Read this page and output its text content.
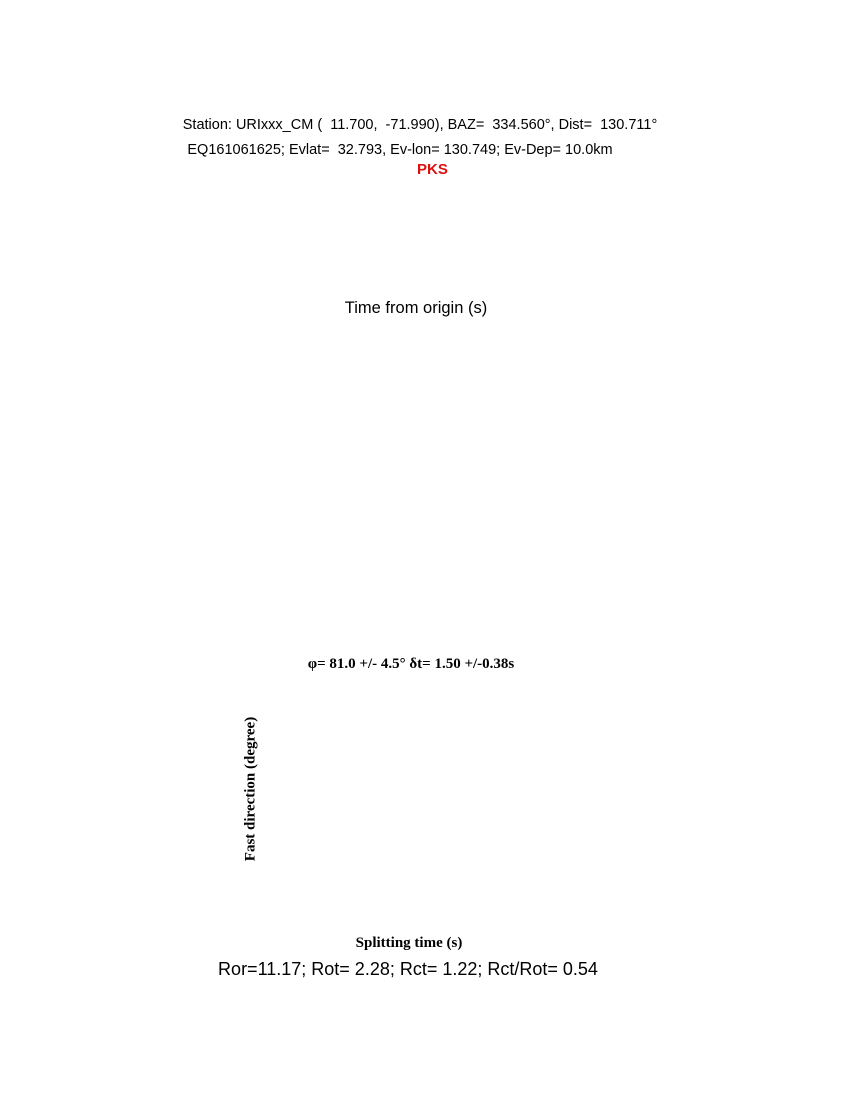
Station: URIxxx_CM (  11.700,  -71.990), BAZ=  334.560°, Dist=  130.711°
EQ161061625; Evlat=  32.793, Ev-lon= 130.749; Ev-Dep= 10.0km
PKS
Time from origin (s)
φ= 81.0 +/- 4.5° δt= 1.50 +/-0.38s
Fast direction (degree)
Splitting time (s)
Ror=11.17; Rot= 2.28; Rct= 1.22; Rct/Rot= 0.54
